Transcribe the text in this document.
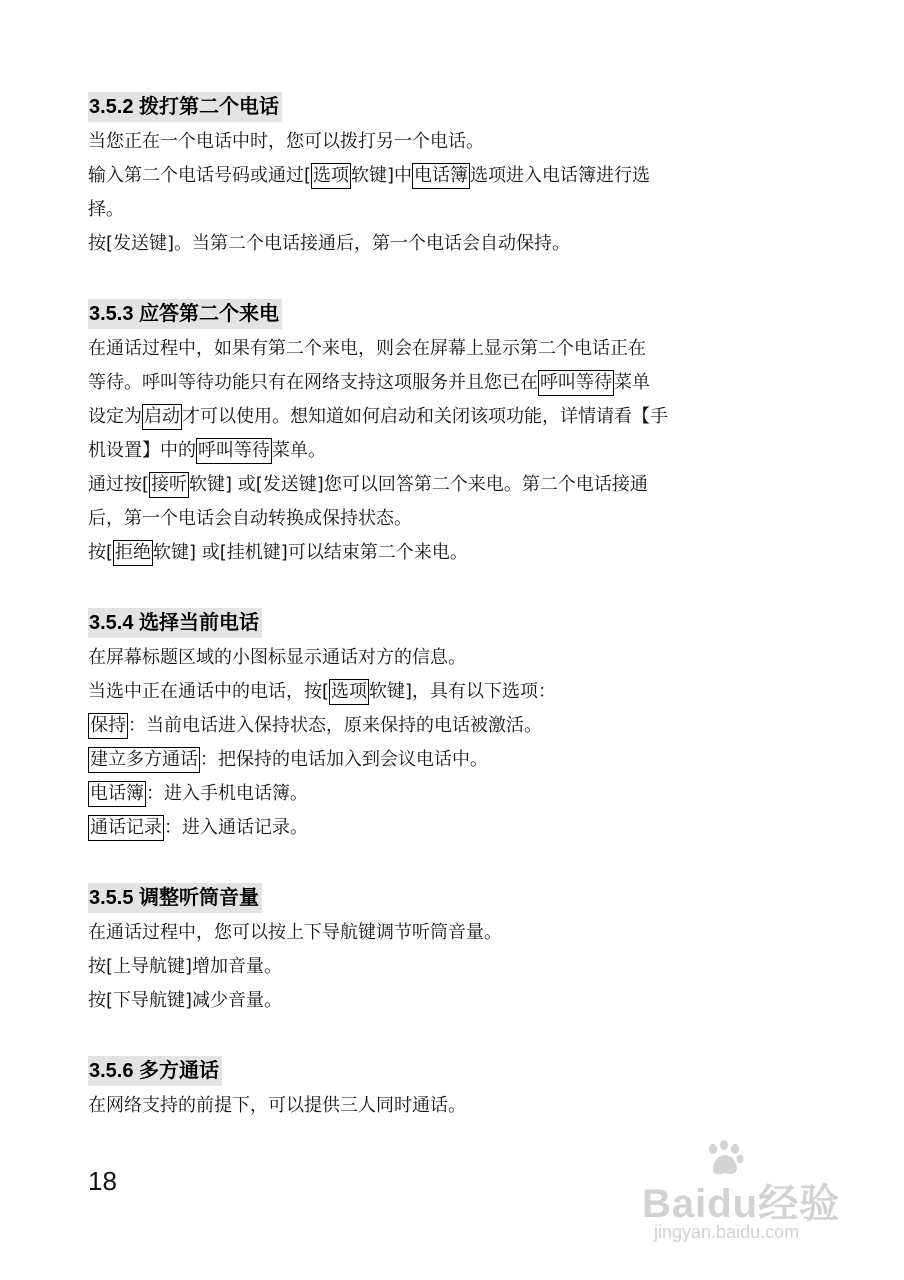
3.5.2 拨打第二个电话
当您正在一个电话中时，您可以拨打另一个电话。
输入第二个电话号码或通过[ 选项 软键]中 电话簿 选项进入电话簿进行选
择。
按[发送键]。当第二个电话接通后，第一个电话会自动保持。
3.5.3 应答第二个来电
在通话过程中，如果有第二个来电，则会在屏幕上显示第二个电话正在
等待。呼叫等待功能只有在网络支持这项服务并且您已在 呼叫等待 菜单
设定为 启动 才可以使用。想知道如何启动和关闭该项功能，详情请看【手
机设置】中的 呼叫等待 菜单。
通过按[ 接听 软键] 或[发送键]您可以回答第二个来电。第二个电话接通
后，第一个电话会自动转换成保持状态。
按[ 拒绝 软键] 或[挂机键]可以结束第二个来电。
3.5.4 选择当前电话
在屏幕标题区域的小图标显示通话对方的信息。
当选中正在通话中的电话，按[ 选项 软键]，具有以下选项：
保持 ：当前电话进入保持状态，原来保持的电话被激活。
建立多方通话 ：把保持的电话加入到会议电话中。
电话簿 ：进入手机电话簿。
通话记录 ：进入通话记录。
3.5.5 调整听筒音量
在通话过程中，您可以按上下导航键调节听筒音量。
按[上导航键]增加音量。
按[下导航键]减少音量。
3.5.6 多方通话
在网络支持的前提下，可以提供三人同时通话。
18
Baidu经验
jingyan.baidu.com
